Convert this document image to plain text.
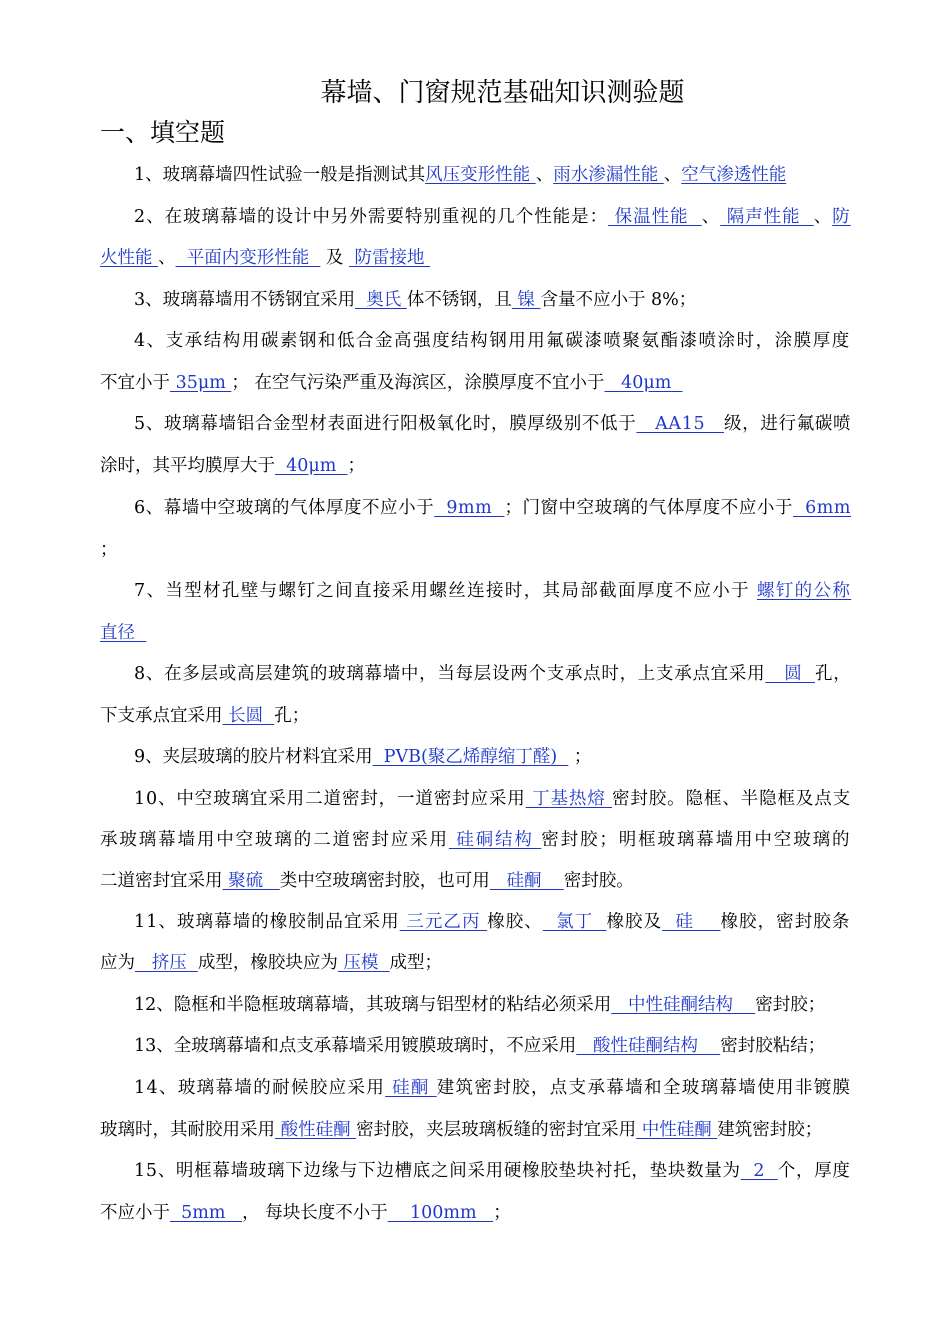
幕墙、门窗规范基础知识测验题
一、填空题
1、玻璃幕墙四性试验一般是指测试其风压变形性能 、雨水渗漏性能 、空气渗透性能
2、在玻璃幕墙的设计中另外需要特别重视的几个性能是： 保温性能  、 隔声性能  、防
火性能 、  平面内变形性能   及  防雷接地
3、玻璃幕墙用不锈钢宜采用  奥氏 体不锈钢，且 镍 含量不应小于 8%；
4、支承结构用碳素钢和低合金高强度结构钢用用氟碳漆喷聚氨酯漆喷涂时，涂膜厚度
不宜小于 35μm ； 在空气污染严重及海滨区，涂膜厚度不宜小于   40μm
5、玻璃幕墙铝合金型材表面进行阳极氧化时，膜厚级别不低于   AA15   级，进行氟碳喷
涂时，其平均膜厚大于  40μm  ；
6、幕墙中空玻璃的气体厚度不应小于  9mm  ；门窗中空玻璃的气体厚度不应小于  6mm
；
7、当型材孔壁与螺钉之间直接采用螺丝连接时，其局部截面厚度不应小于 螺钉的公称
直径
8、在多层或高层建筑的玻璃幕墙中，当每层设两个支承点时，上支承点宜采用   圆  孔，
下支承点宜采用 长圆  孔；
9、夹层玻璃的胶片材料宜采用  PVB(聚乙烯醇缩丁醛)   ；
10、中空玻璃宜采用二道密封，一道密封应采用 丁基热熔 密封胶。隐框、半隐框及点支
承玻璃幕墙用中空玻璃的二道密封应采用 硅硐结构 密封胶；明框玻璃幕墙用中空玻璃的
二道密封宜采用 聚硫   类中空玻璃密封胶，也可用   硅酮    密封胶。
11、玻璃幕墙的橡胶制品宜采用 三元乙丙 橡胶、  氯丁  橡胶及  硅    橡胶，密封胶条
应为   挤压  成型，橡胶块应为 压模  成型；
12、隐框和半隐框玻璃幕墙，其玻璃与铝型材的粘结必须采用   中性硅酮结构    密封胶；
13、全玻璃幕墙和点支承幕墙采用镀膜玻璃时，不应采用   酸性硅酮结构    密封胶粘结；
14、玻璃幕墙的耐候胶应采用 硅酮 建筑密封胶，点支承幕墙和全玻璃幕墙使用非镀膜
玻璃时，其耐胶用采用 酸性硅酮 密封胶，夹层玻璃板缝的密封宜采用 中性硅酮 建筑密封胶；
15、明框幕墙玻璃下边缘与下边槽底之间采用硬橡胶垫块衬托，垫块数量为  2  个，厚度
不应小于  5mm   ， 每块长度不小于    100mm   ；
